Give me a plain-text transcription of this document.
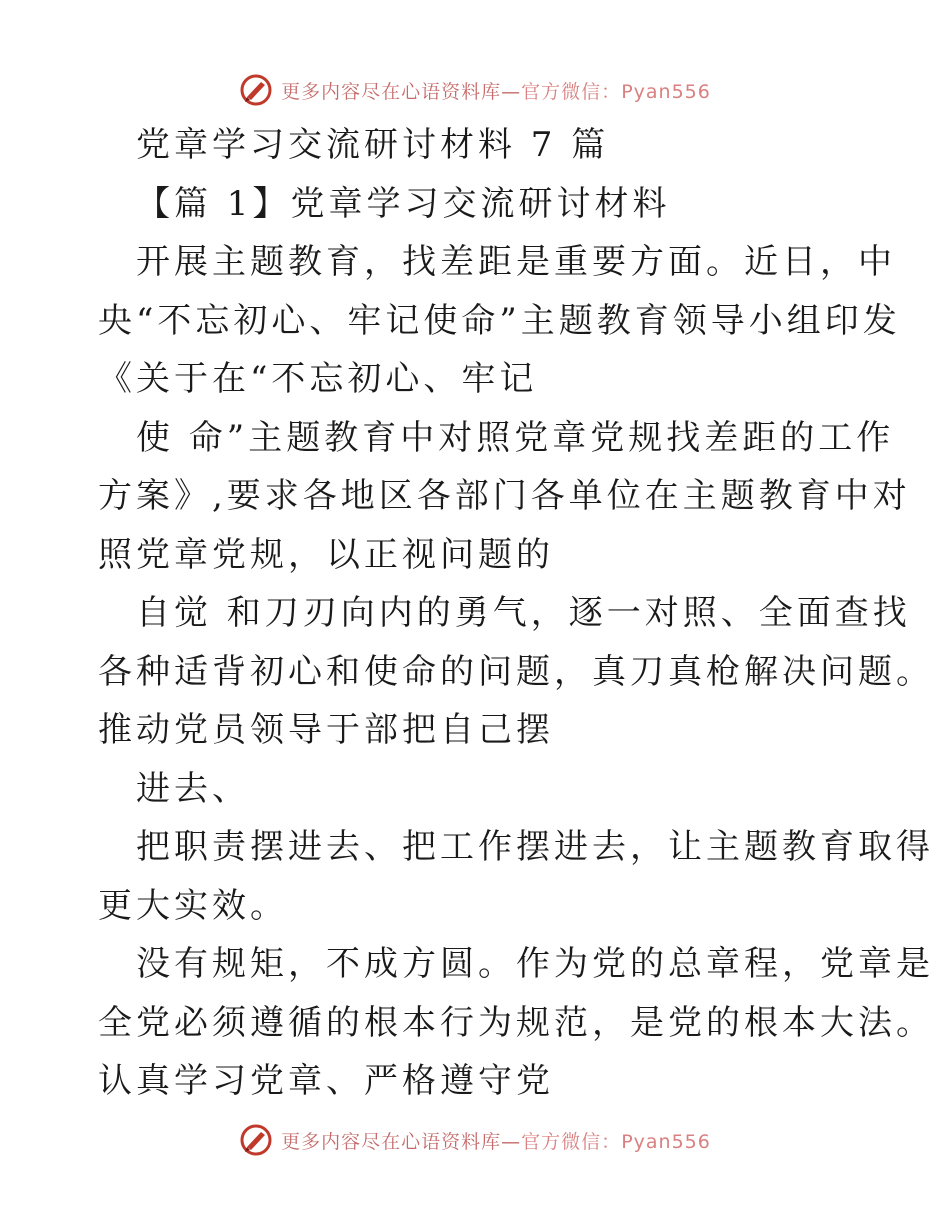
更多内容尽在心语资料库—官方微信：Pyan556
党章学习交流研讨材料 7 篇
【篇 1】党章学习交流研讨材料
开展主题教育，找差距是重要方面。近日，中
央“不忘初心、牢记使命”主题教育领导小组印发
《关于在“不忘初心、牢记
使 命”主题教育中对照党章党规找差距的工作
方案》,要求各地区各部门各单位在主题教育中对
照党章党规，以正视问题的
自觉 和刀刃向内的勇气，逐一对照、全面查找
各种适背初心和使命的问题，真刀真枪解决问题。
推动党员领导于部把自己摆
进去、
把职责摆进去、把工作摆进去，让主题教育取得
更大实效。
没有规矩，不成方圆。作为党的总章程，党章是
全党必须遵循的根本行为规范，是党的根本大法。
认真学习党章、严格遵守党
更多内容尽在心语资料库—官方微信：Pyan556
